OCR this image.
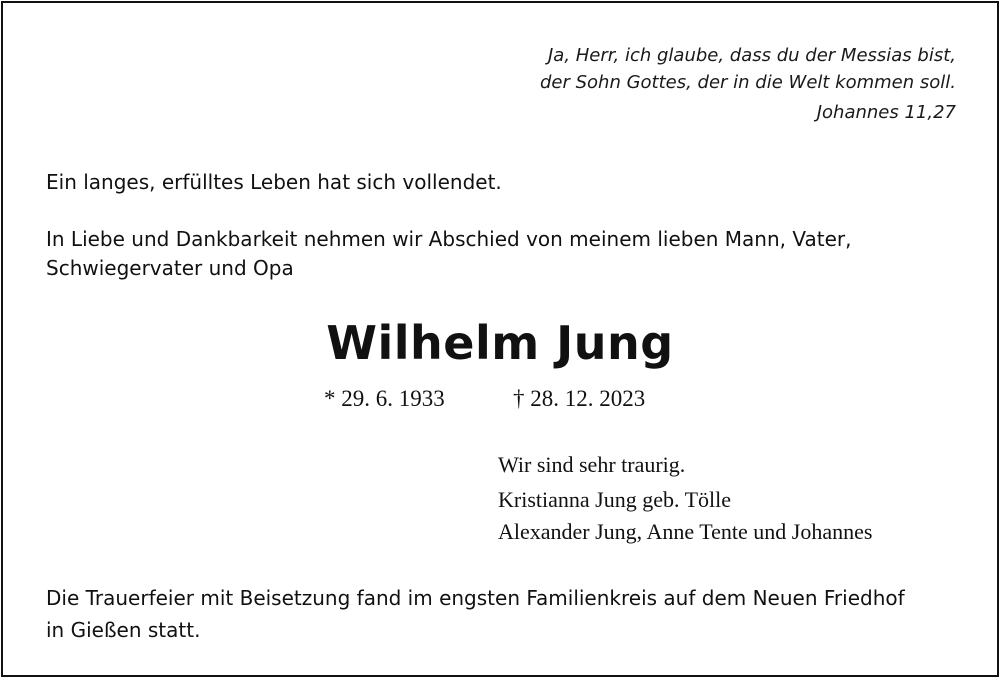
Ja, Herr, ich glaube, dass du der Messias bist,

der Sohn Gottes, der in die Welt kommen soll.

Johannes 11,27

Ein langes, erfülltes Leben hat sich vollendet.

In Liebe und Dankbarkeit nehmen wir Abschied von meinem lieben Mann, Vater,

Schwiegervater und Opa

Wilhelm Jung

* 29. 6. 1933	† 28. 12. 2023

Wir sind sehr traurig.

Kristianna Jung geb. Tölle

Alexander Jung, Anne Tente und Johannes

Die Trauerfeier mit Beisetzung fand im engsten Familienkreis auf dem Neuen Friedhof

in Gießen statt.
